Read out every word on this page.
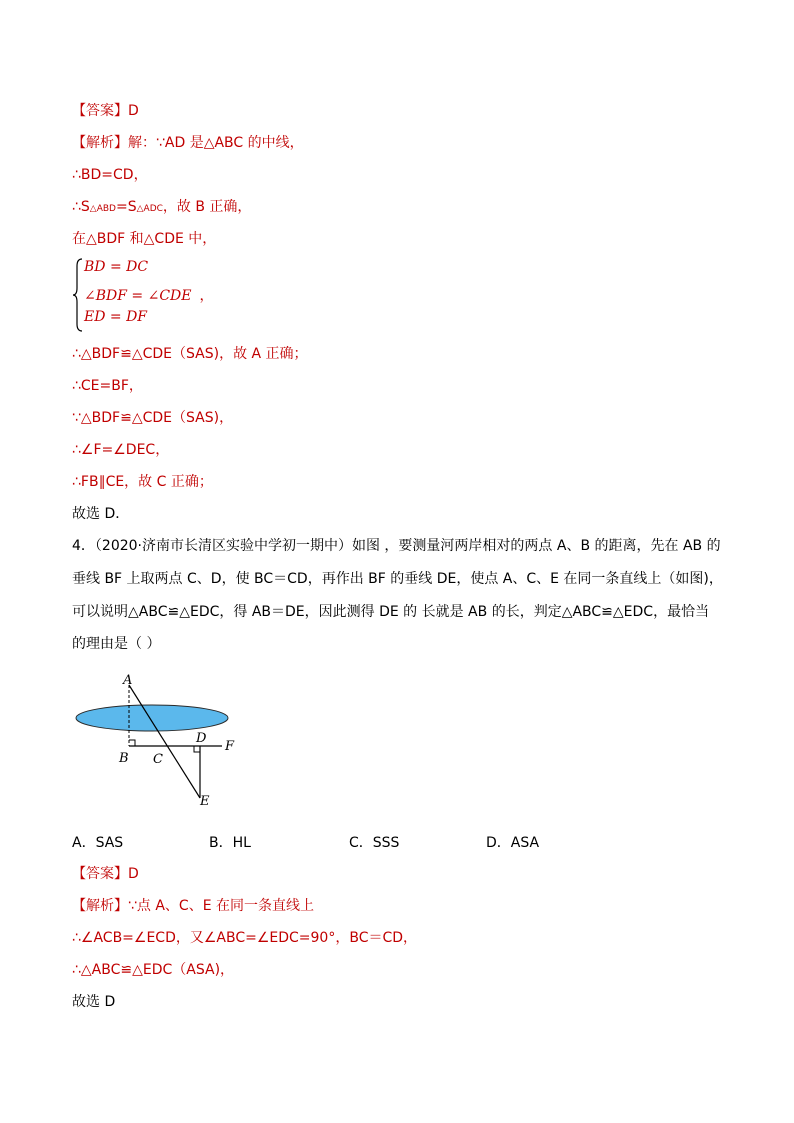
【答案】D
【解析】解：∵AD 是△ABC 的中线，
∴BD=CD，
∴S△ABD=S△ADC，故 B 正确，
在△BDF 和△CDE 中，
BD = DC
∠BDF = ∠CDE ，
ED = DF
∴△BDF≌△CDE（SAS)，故 A 正确；
∴CE=BF，
∵△BDF≌△CDE（SAS)，
∴∠F=∠DEC，
∴FB∥CE，故 C 正确；
故选 D．
4．（2020·济南市长清区实验中学初一期中）如图 ，要测量河两岸相对的两点 A、B 的距离，先在 AB 的
垂线 BF 上取两点 C、D，使 BC＝CD，再作出 BF 的垂线 DE，使点 A、C、E 在同一条直线上（如图)，
可以说明△ABC≌△EDC，得 AB＝DE，因此测得 DE 的 长就是 AB 的长，判定△ABC≌△EDC，最恰当
的理由是（ ）
A
B C
D
F
E
A．SAS	B．HL	C．SSS	D．ASA
【答案】D
【解析】∵点 A、C、E 在同一条直线上
∴∠ACB=∠ECD，又∠ABC=∠EDC=90°，BC＝CD，
∴△ABC≌△EDC（ASA)，
故选 D
